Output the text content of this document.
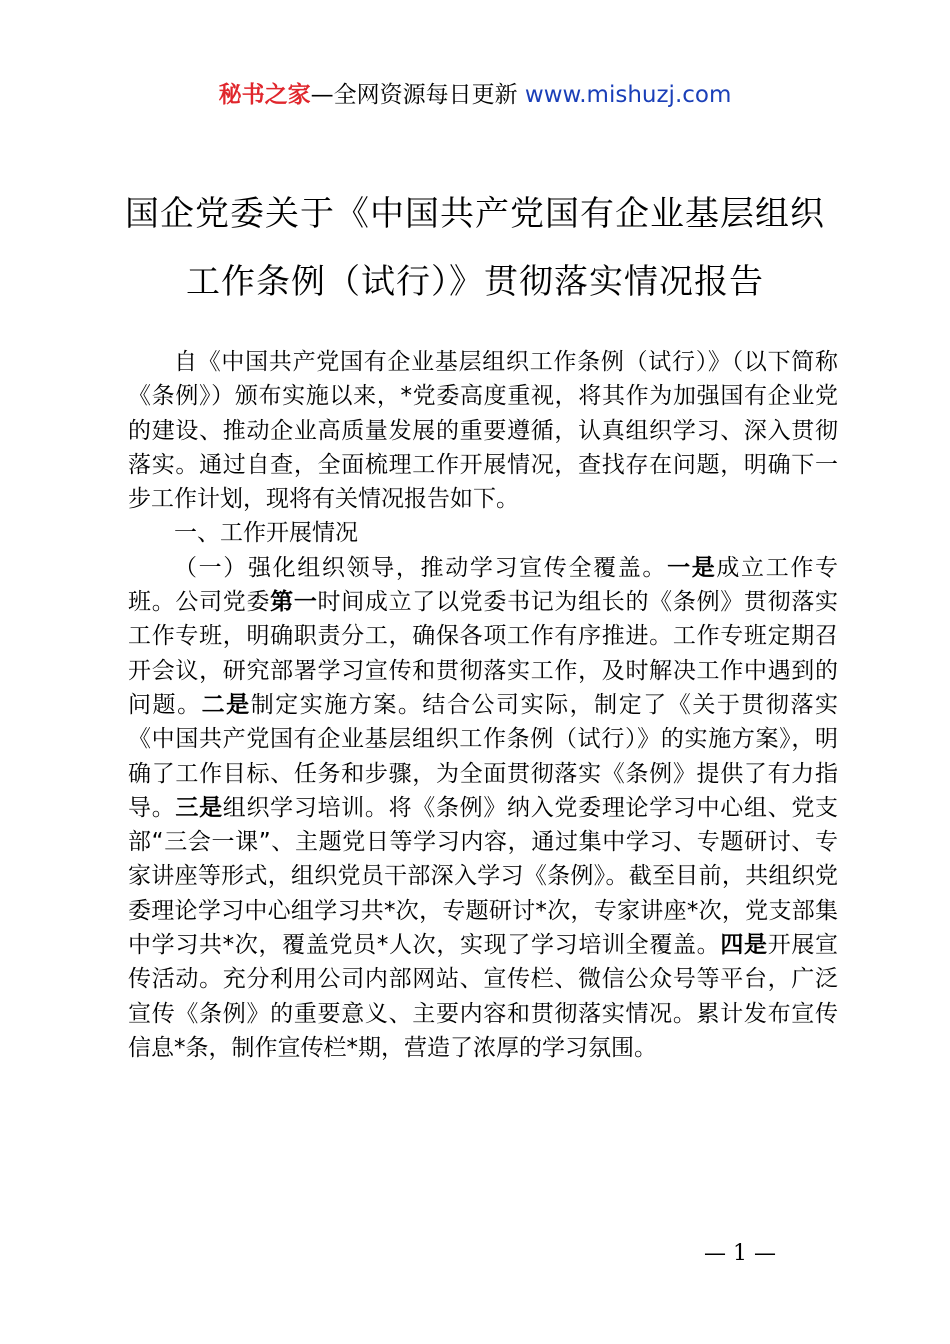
秘书之家—全网资源每日更新 www.mishuzj.com
国企党委关于《中国共产党国有企业基层组织
工作条例（试行）》贯彻落实情况报告

自《中国共产党国有企业基层组织工作条例（试行）》（以下简称《条例》）颁布实施以来，*党委高度重视，将其作为加强国有企业党的建设、推动企业高质量发展的重要遵循，认真组织学习、深入贯彻落实。通过自查，全面梳理工作开展情况，查找存在问题，明确下一步工作计划，现将有关情况报告如下。

一、工作开展情况

（一）强化组织领导，推动学习宣传全覆盖。一是成立工作专班。公司党委第一时间成立了以党委书记为组长的《条例》贯彻落实工作专班，明确职责分工，确保各项工作有序推进。工作专班定期召开会议，研究部署学习宣传和贯彻落实工作，及时解决工作中遇到的问题。二是制定实施方案。结合公司实际，制定了《关于贯彻落实《中国共产党国有企业基层组织工作条例（试行）》的实施方案》，明确了工作目标、任务和步骤，为全面贯彻落实《条例》提供了有力指导。三是组织学习培训。将《条例》纳入党委理论学习中心组、党支部“三会一课”、主题党日等学习内容，通过集中学习、专题研讨、专家讲座等形式，组织党员干部深入学习《条例》。截至目前，共组织党委理论学习中心组学习共*次，专题研讨*次，专家讲座*次，党支部集中学习共*次，覆盖党员*人次，实现了学习培训全覆盖。四是开展宣传活动。充分利用公司内部网站、宣传栏、微信公众号等平台，广泛宣传《条例》的重要意义、主要内容和贯彻落实情况。累计发布宣传信息*条，制作宣传栏*期，营造了浓厚的学习氛围。

— 1 —
